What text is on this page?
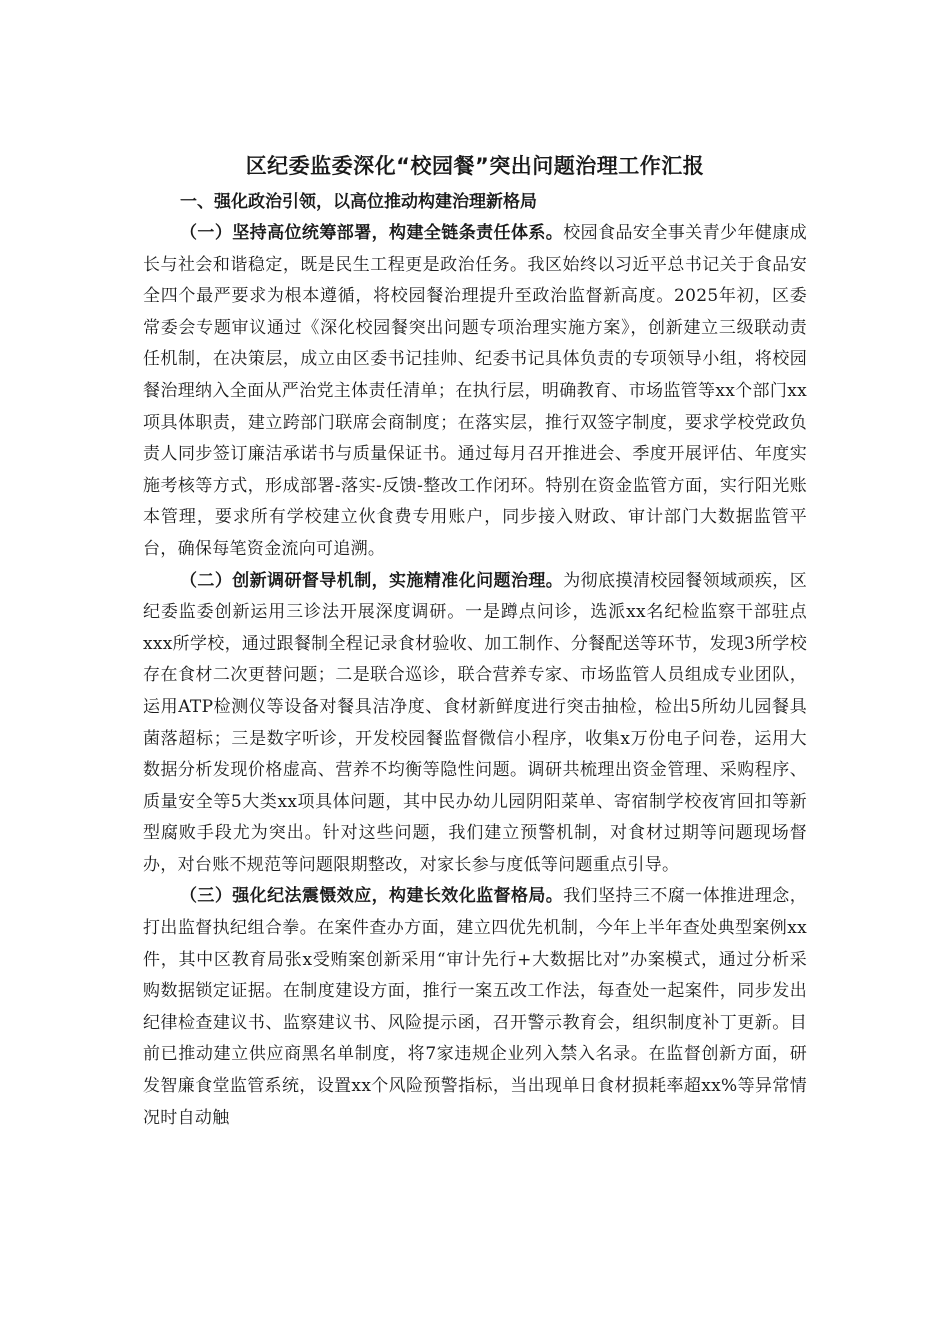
区纪委监委深化“校园餐”突出问题治理工作汇报
一、强化政治引领，以高位推动构建治理新格局

（一）坚持高位统筹部署，构建全链条责任体系。校园食品安全事关青少年健康成长与社会和谐稳定，既是民生工程更是政治任务。我区始终以习近平总书记关于食品安全四个最严要求为根本遵循，将校园餐治理提升至政治监督新高度。2025年初，区委常委会专题审议通过《深化校园餐突出问题专项治理实施方案》，创新建立三级联动责任机制，在决策层，成立由区委书记挂帅、纪委书记具体负责的专项领导小组，将校园餐治理纳入全面从严治党主体责任清单；在执行层，明确教育、市场监管等xx个部门xx项具体职责，建立跨部门联席会商制度；在落实层，推行双签字制度，要求学校党政负责人同步签订廉洁承诺书与质量保证书。通过每月召开推进会、季度开展评估、年度实施考核等方式，形成部署-落实-反馈-整改工作闭环。特别在资金监管方面，实行阳光账本管理，要求所有学校建立伙食费专用账户，同步接入财政、审计部门大数据监管平台，确保每笔资金流向可追溯。

（二）创新调研督导机制，实施精准化问题治理。为彻底摸清校园餐领域顽疾，区纪委监委创新运用三诊法开展深度调研。一是蹲点问诊，选派xx名纪检监察干部驻点xxx所学校，通过跟餐制全程记录食材验收、加工制作、分餐配送等环节，发现3所学校存在食材二次更替问题；二是联合巡诊，联合营养专家、市场监管人员组成专业团队，运用ATP检测仪等设备对餐具洁净度、食材新鲜度进行突击抽检，检出5所幼儿园餐具菌落超标；三是数字听诊，开发校园餐监督微信小程序，收集x万份电子问卷，运用大数据分析发现价格虚高、营养不均衡等隐性问题。调研共梳理出资金管理、采购程序、质量安全等5大类xx项具体问题，其中民办幼儿园阴阳菜单、寄宿制学校夜宵回扣等新型腐败手段尤为突出。针对这些问题，我们建立预警机制，对食材过期等问题现场督办，对台账不规范等问题限期整改，对家长参与度低等问题重点引导。

（三）强化纪法震慑效应，构建长效化监督格局。我们坚持三不腐一体推进理念，打出监督执纪组合拳。在案件查办方面，建立四优先机制，今年上半年查处典型案例xx件，其中区教育局张x受贿案创新采用“审计先行+大数据比对”办案模式，通过分析采购数据锁定证据。在制度建设方面，推行一案五改工作法，每查处一起案件，同步发出纪律检查建议书、监察建议书、风险提示函，召开警示教育会，组织制度补丁更新。目前已推动建立供应商黑名单制度，将7家违规企业列入禁入名录。在监督创新方面，研发智廉食堂监管系统，设置xx个风险预警指标，当出现单日食材损耗率超xx%等异常情况时自动触
